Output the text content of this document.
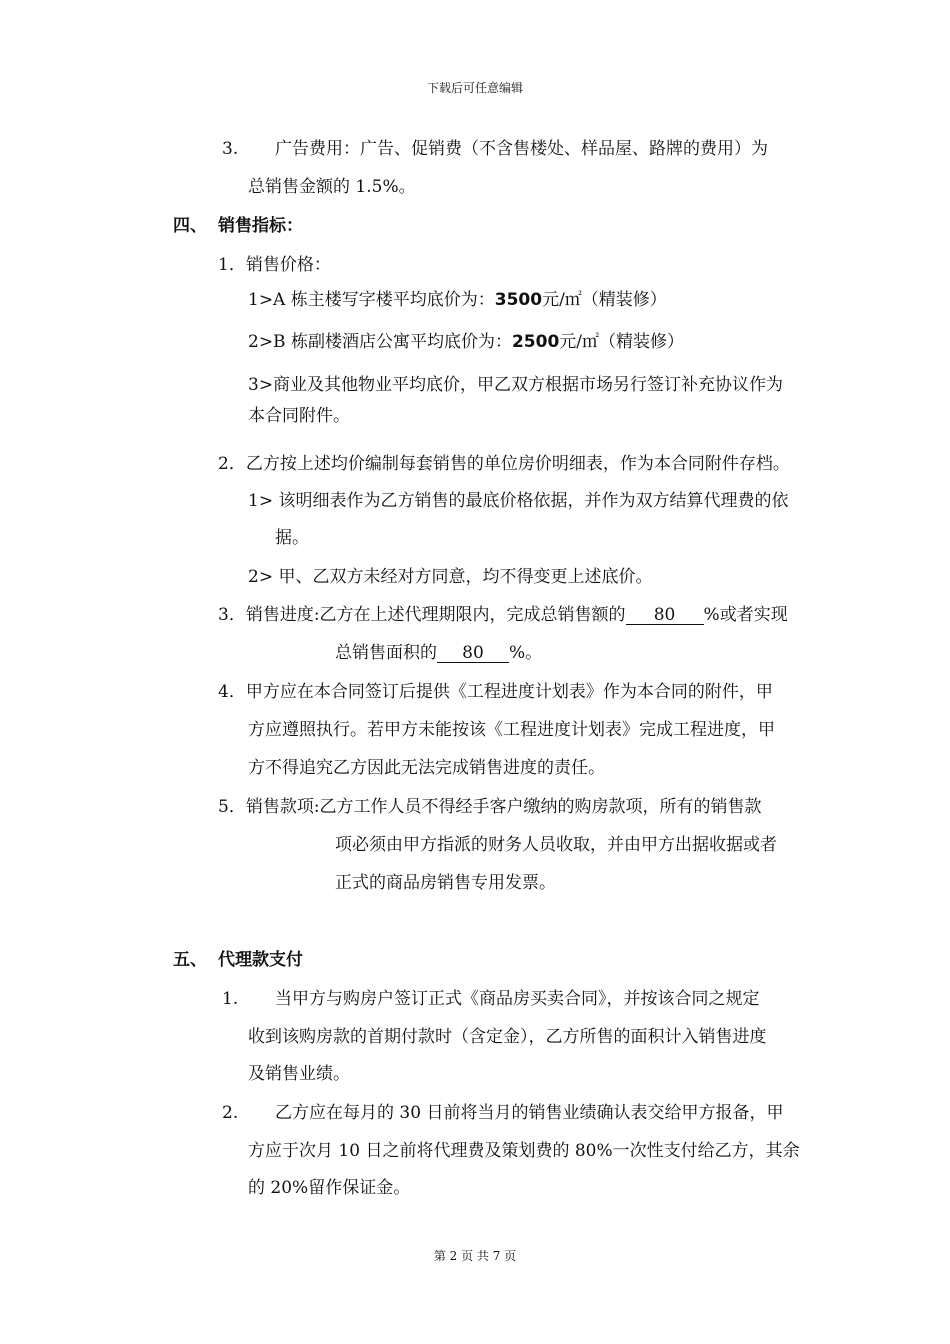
下载后可任意编辑
3. 广告费用：广告、促销费（不含售楼处、样品屋、路牌的费用）为
总销售金额的 1.5%。
四、 销售指标：
1．销售价格：
1>A 栋主楼写字楼平均底价为：3500元/㎡（精装修）
2>B 栋副楼酒店公寓平均底价为：2500元/㎡（精装修）
3>商业及其他物业平均底价，甲乙双方根据市场另行签订补充协议作为
本合同附件。
2．乙方按上述均价编制每套销售的单位房价明细表，作为本合同附件存档。
1> 该明细表作为乙方销售的最底价格依据，并作为双方结算代理费的依
据。
2> 甲、乙双方未经对方同意，均不得变更上述底价。
3．销售进度:乙方在上述代理期限内，完成总销售额的 80 %或者实现
总销售面积的 80 %。
4．甲方应在本合同签订后提供《工程进度计划表》作为本合同的附件，甲
方应遵照执行。若甲方未能按该《工程进度计划表》完成工程进度，甲
方不得追究乙方因此无法完成销售进度的责任。
5．销售款项:乙方工作人员不得经手客户缴纳的购房款项，所有的销售款
项必须由甲方指派的财务人员收取，并由甲方出据收据或者
正式的商品房销售专用发票。
五、 代理款支付
1. 当甲方与购房户签订正式《商品房买卖合同》，并按该合同之规定
收到该购房款的首期付款时（含定金），乙方所售的面积计入销售进度
及销售业绩。
2. 乙方应在每月的 30 日前将当月的销售业绩确认表交给甲方报备，甲
方应于次月 10 日之前将代理费及策划费的 80%一次性支付给乙方，其余
的 20%留作保证金。
第 2 页 共 7 页
